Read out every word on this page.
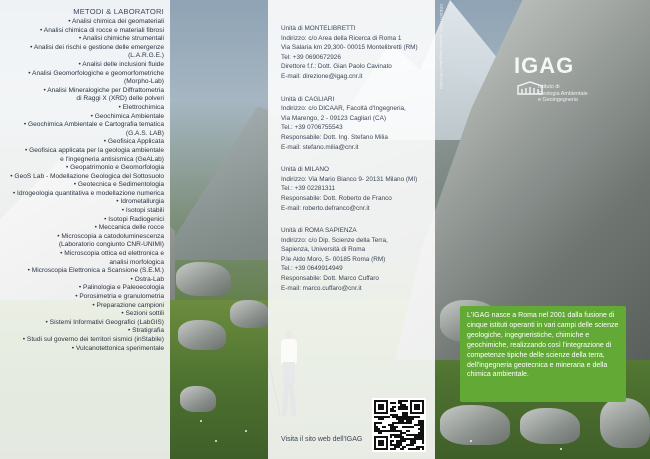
METODI & LABORATORI
• Analisi chimica dei geomateriali
• Analisi chimica di rocce e materiali fibrosi
• Analisi chimiche strumentali
• Analisi dei rischi e gestione delle emergenze
(L.A.R.G.E.)
• Analisi delle inclusioni fluide
• Analisi Geomorfologiche e geomorfometriche
(Morpho-Lab)
• Analisi Mineralogiche per Diffrattometria
di Raggi X (XRD) delle polveri
• Elettrochimica
• Geochimica Ambientale
• Geochimica Ambientale e Cartografia tematica
(G.A.S. LAB)
• Geofisica Applicata
• Geofisica applicata per la geologia ambientale
e l'ingegneria antisismica (GeALab)
• Geopatrimonio e Geomorfologia
• GeoS Lab - Modellazione Geologica del Sottosuolo
• Geotecnica e Sedimentologia
• Idrogeologia quantitativa e modellazione numerica
• Idrometallurgia
• Isotopi stabili
• Isotopi Radiogenici
• Meccanica delle rocce
• Microscopia a catodoluminescenza
(Laboratorio congiunto CNR-UNIMI)
• Microscopia ottica ed elettronica e
analisi morfologica
• Microscopia Elettronica a Scansione (S.E.M.)
• Ostra-Lab
• Palinologia e Paleoecologia
• Porosimetria e granulometria
• Preparazione campioni
• Sezioni sottili
• Sistemi Informativi Geografici (LabGIS)
• Stratigrafia
• Studi sul governo dei territori sismici (inStabile)
• Vulcanotettonica sperimentale
Unità di MONTELIBRETTI
Indirizzo: c/o Area della Ricerca di Roma 1
Via Salaria km 29,300- 00015 Montelibretti (RM)
Tel: +39 0690672926
Direttore f.f.: Dott. Gian Paolo Cavinato
E-mail: direzione@igag.cnr.it
Unità di CAGLIARI
Indirizzo: c/o DICAAR, Facoltà d'Ingegneria,
Via Marengo, 2 - 09123 Cagliari (CA)
Tel.: +39 0706755543
Responsabile: Dott. Ing. Stefano Milia
E-mail: stefano.milia@cnr.it
Unità di MILANO
Indirizzo: Via Mario Bianco 9- 20131 Milano (MI)
Tel.: +39 02281311
Responsabile: Dott. Roberto de Franco
E-mail: roberto.defranco@cnr.it
Unità di ROMA SAPIENZA
Indirizzo: c/o Dip. Scienze della Terra,
Sapienza, Università di Roma
P.le Aldo Moro, 5- 00185 Roma (RM)
Tel.: +39 0649914949
Responsabile: Dott. Marco Cuffaro
E-mail: marco.cuffaro@cnr.it
Visita il sito web dell'IGAG
CREDITI FOTO: Archivio fotografico CNR-IGAG	IGAG
Istituto di
Geologia Ambientale
e Geoingegneria
L'IGAG nasce a Roma nel 2001 dalla fusione di cinque istituti operanti in vari campi delle scienze geologiche, ingegneristiche, chimiche e geochimiche, realizzando così l'integrazione di competenze tipiche delle scienze della terra, dell'ingegneria geotecnica e mineraria e della chimica ambientale.
